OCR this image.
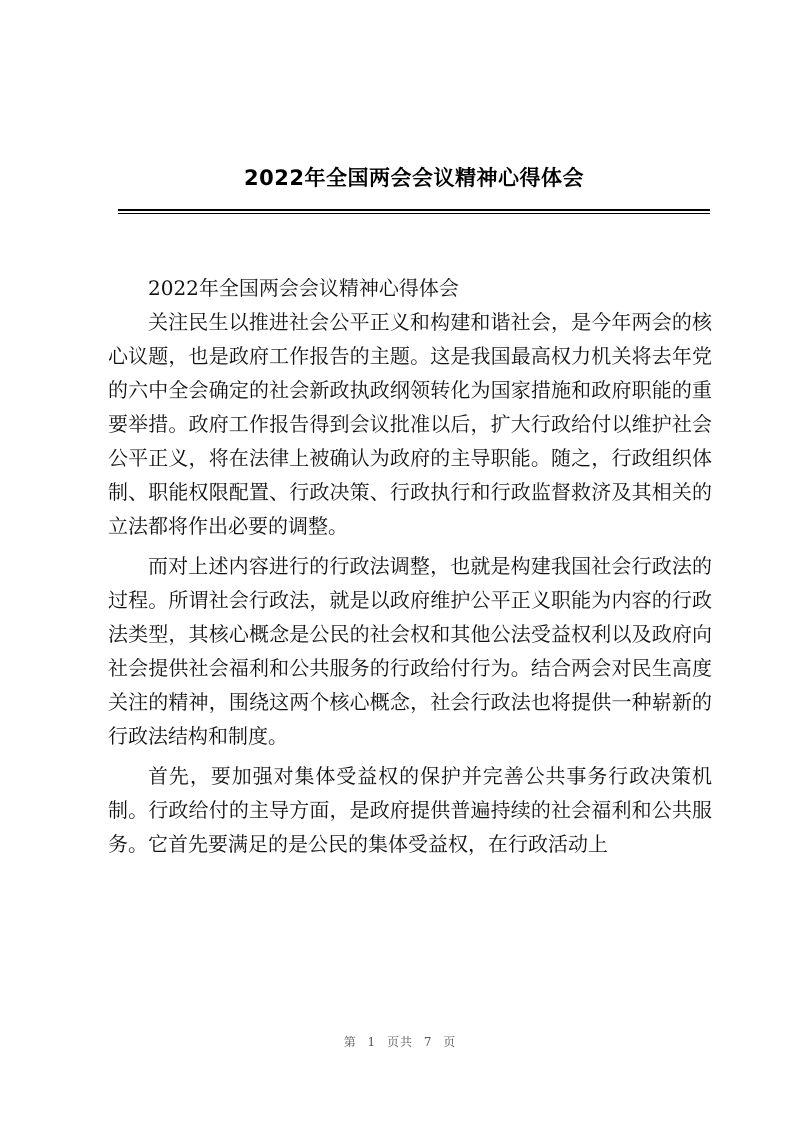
2022年全国两会会议精神心得体会

2022年全国两会会议精神心得体会

关注民生以推进社会公平正义和构建和谐社会，是今年两会的核心议题，也是政府工作报告的主题。这是我国最高权力机关将去年党的六中全会确定的社会新政执政纲领转化为国家措施和政府职能的重要举措。政府工作报告得到会议批准以后，扩大行政给付以维护社会公平正义，将在法律上被确认为政府的主导职能。随之，行政组织体制、职能权限配置、行政决策、行政执行和行政监督救济及其相关的立法都将作出必要的调整。

而对上述内容进行的行政法调整，也就是构建我国社会行政法的过程。所谓社会行政法，就是以政府维护公平正义职能为内容的行政法类型，其核心概念是公民的社会权和其他公法受益权利以及政府向社会提供社会福利和公共服务的行政给付行为。结合两会对民生高度关注的精神，围绕这两个核心概念，社会行政法也将提供一种崭新的行政法结构和制度。

首先，要加强对集体受益权的保护并完善公共事务行政决策机制。行政给付的主导方面，是政府提供普遍持续的社会福利和公共服务。它首先要满足的是公民的集体受益权，在行政活动上

第 1 页共 7 页
